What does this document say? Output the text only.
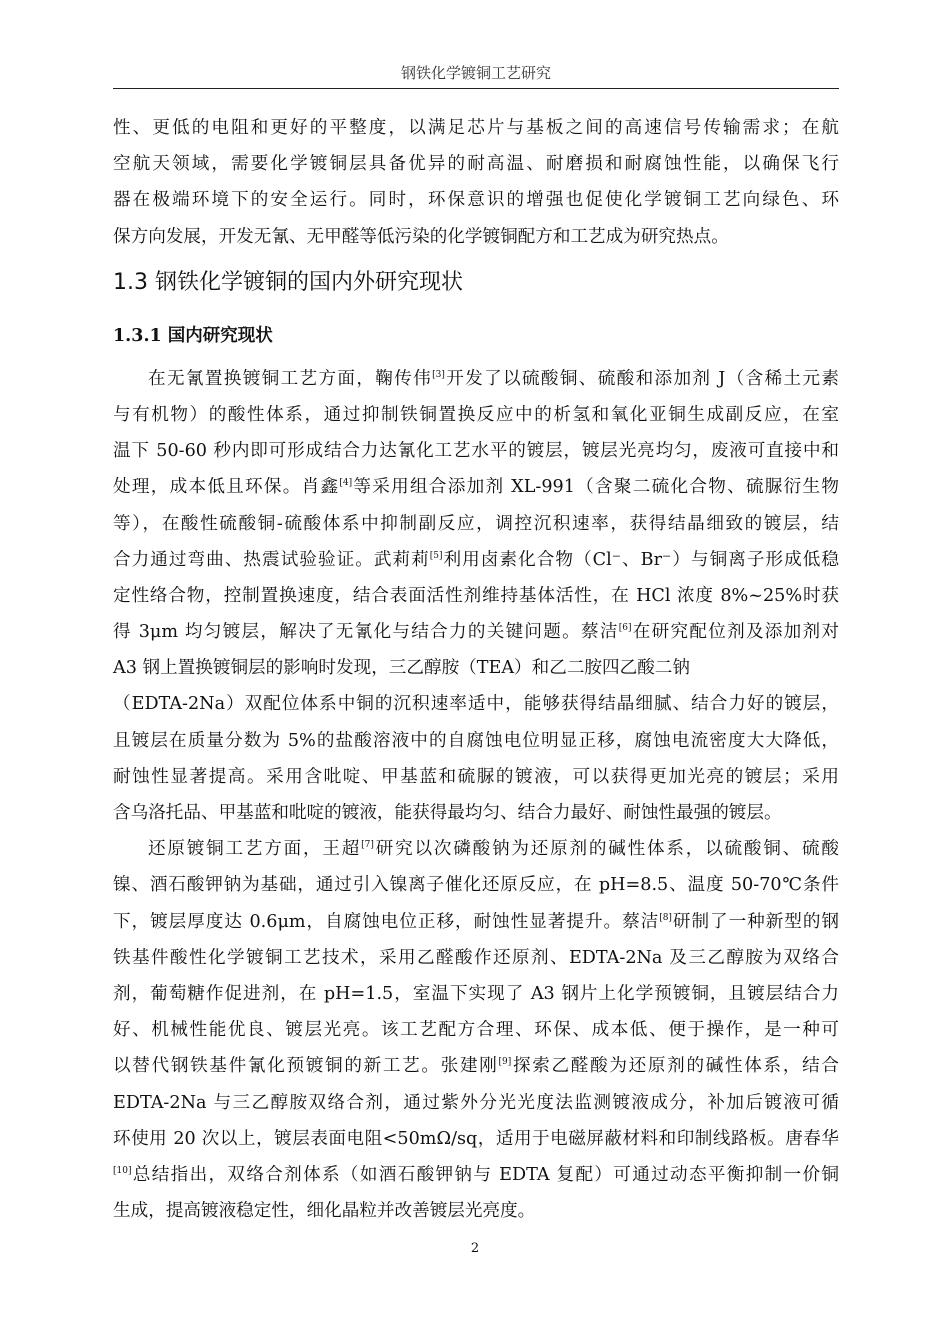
钢铁化学镀铜工艺研究
性、更低的电阻和更好的平整度，以满足芯片与基板之间的高速信号传输需求；在航
空航天领域，需要化学镀铜层具备优异的耐高温、耐磨损和耐腐蚀性能，以确保飞行
器在极端环境下的安全运行。同时，环保意识的增强也促使化学镀铜工艺向绿色、环
保方向发展，开发无氰、无甲醛等低污染的化学镀铜配方和工艺成为研究热点。
1.3 钢铁化学镀铜的国内外研究现状
1.3.1 国内研究现状
在无氰置换镀铜工艺方面，鞠传伟[3]开发了以硫酸铜、硫酸和添加剂 J（含稀土元素
与有机物）的酸性体系，通过抑制铁铜置换反应中的析氢和氧化亚铜生成副反应，在室
温下 50-60 秒内即可形成结合力达氰化工艺水平的镀层，镀层光亮均匀，废液可直接中和
处理，成本低且环保。肖鑫[4]等采用组合添加剂 XL-991（含聚二硫化合物、硫脲衍生物
等），在酸性硫酸铜-硫酸体系中抑制副反应，调控沉积速率，获得结晶细致的镀层，结
合力通过弯曲、热震试验验证。武莉莉[5]利用卤素化合物（Cl⁻、Br⁻）与铜离子形成低稳
定性络合物，控制置换速度，结合表面活性剂维持基体活性，在 HCl 浓度 8%~25%时获
得 3μm 均匀镀层，解决了无氰化与结合力的关键问题。蔡洁[6]在研究配位剂及添加剂对
A3 钢上置换镀铜层的影响时发现，三乙醇胺（TEA）和乙二胺四乙酸二钠
（EDTA-2Na）双配位体系中铜的沉积速率适中，能够获得结晶细腻、结合力好的镀层，
且镀层在质量分数为 5%的盐酸溶液中的自腐蚀电位明显正移，腐蚀电流密度大大降低，
耐蚀性显著提高。采用含吡啶、甲基蓝和硫脲的镀液，可以获得更加光亮的镀层；采用
含乌洛托品、甲基蓝和吡啶的镀液，能获得最均匀、结合力最好、耐蚀性最强的镀层。
还原镀铜工艺方面，王超[7]研究以次磷酸钠为还原剂的碱性体系，以硫酸铜、硫酸
镍、酒石酸钾钠为基础，通过引入镍离子催化还原反应，在 pH=8.5、温度 50-70℃条件
下，镀层厚度达 0.6μm，自腐蚀电位正移，耐蚀性显著提升。蔡洁[8]研制了一种新型的钢
铁基件酸性化学镀铜工艺技术，采用乙醛酸作还原剂、EDTA-2Na 及三乙醇胺为双络合
剂，葡萄糖作促进剂，在 pH=1.5，室温下实现了 A3 钢片上化学预镀铜，且镀层结合力
好、机械性能优良、镀层光亮。该工艺配方合理、环保、成本低、便于操作，是一种可
以替代钢铁基件氰化预镀铜的新工艺。张建刚[9]探索乙醛酸为还原剂的碱性体系，结合
EDTA-2Na 与三乙醇胺双络合剂，通过紫外分光光度法监测镀液成分，补加后镀液可循
环使用 20 次以上，镀层表面电阻<50mΩ/sq，适用于电磁屏蔽材料和印制线路板。唐春华
[10]总结指出，双络合剂体系（如酒石酸钾钠与 EDTA 复配）可通过动态平衡抑制一价铜
生成，提高镀液稳定性，细化晶粒并改善镀层光亮度。
2
